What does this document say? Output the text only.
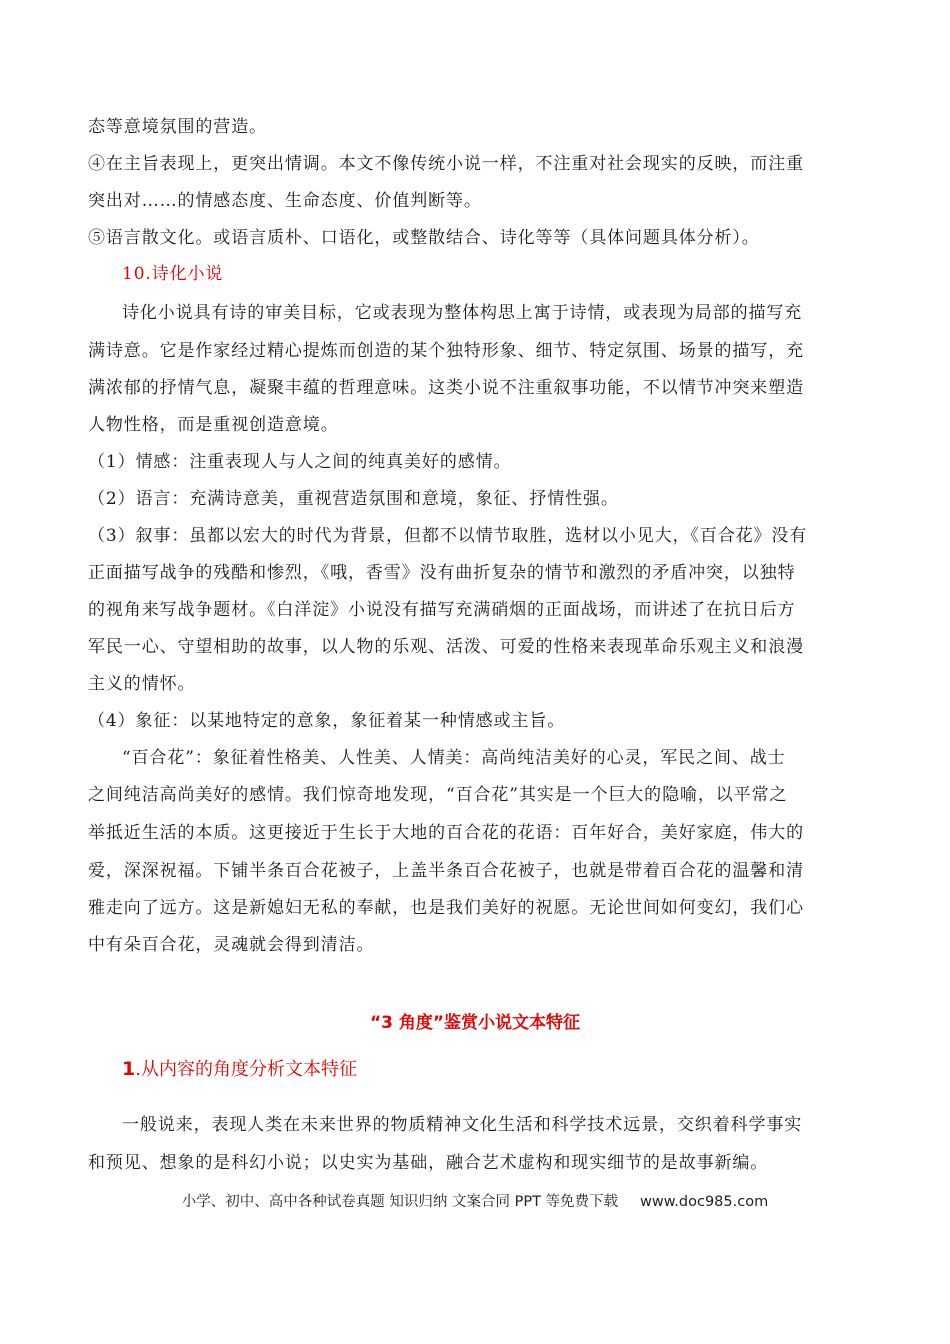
态等意境氛围的营造。
④在主旨表现上，更突出情调。本文不像传统小说一样，不注重对社会现实的反映，而注重
突出对……的情感态度、生命态度、价值判断等。
⑤语言散文化。或语言质朴、口语化，或整散结合、诗化等等（具体问题具体分析）。
10.诗化小说
诗化小说具有诗的审美目标，它或表现为整体构思上寓于诗情，或表现为局部的描写充
满诗意。它是作家经过精心提炼而创造的某个独特形象、细节、特定氛围、场景的描写，充
满浓郁的抒情气息，凝聚丰蕴的哲理意味。这类小说不注重叙事功能，不以情节冲突来塑造
人物性格，而是重视创造意境。
（1）情感：注重表现人与人之间的纯真美好的感情。
（2）语言：充满诗意美，重视营造氛围和意境，象征、抒情性强。
（3）叙事：虽都以宏大的时代为背景，但都不以情节取胜，选材以小见大，《百合花》没有
正面描写战争的残酷和惨烈，《哦，香雪》没有曲折复杂的情节和激烈的矛盾冲突，以独特
的视角来写战争题材。《白洋淀》小说没有描写充满硝烟的正面战场，而讲述了在抗日后方
军民一心、守望相助的故事，以人物的乐观、活泼、可爱的性格来表现革命乐观主义和浪漫
主义的情怀。
（4）象征：以某地特定的意象，象征着某一种情感或主旨。
“百合花”：象征着性格美、人性美、人情美：高尚纯洁美好的心灵，军民之间、战士
之间纯洁高尚美好的感情。我们惊奇地发现，“百合花”其实是一个巨大的隐喻，以平常之
举抵近生活的本质。这更接近于生长于大地的百合花的花语：百年好合，美好家庭，伟大的
爱，深深祝福。下铺半条百合花被子，上盖半条百合花被子，也就是带着百合花的温馨和清
雅走向了远方。这是新媳妇无私的奉献，也是我们美好的祝愿。无论世间如何变幻，我们心
中有朵百合花，灵魂就会得到清洁。
“3 角度”鉴赏小说文本特征
1.从内容的角度分析文本特征
一般说来，表现人类在未来世界的物质精神文化生活和科学技术远景，交织着科学事实
和预见、想象的是科幻小说；以史实为基础，融合艺术虚构和现实细节的是故事新编。
小学、初中、高中各种试卷真题 知识归纳 文案合同 PPT 等免费下载 www.doc985.com
